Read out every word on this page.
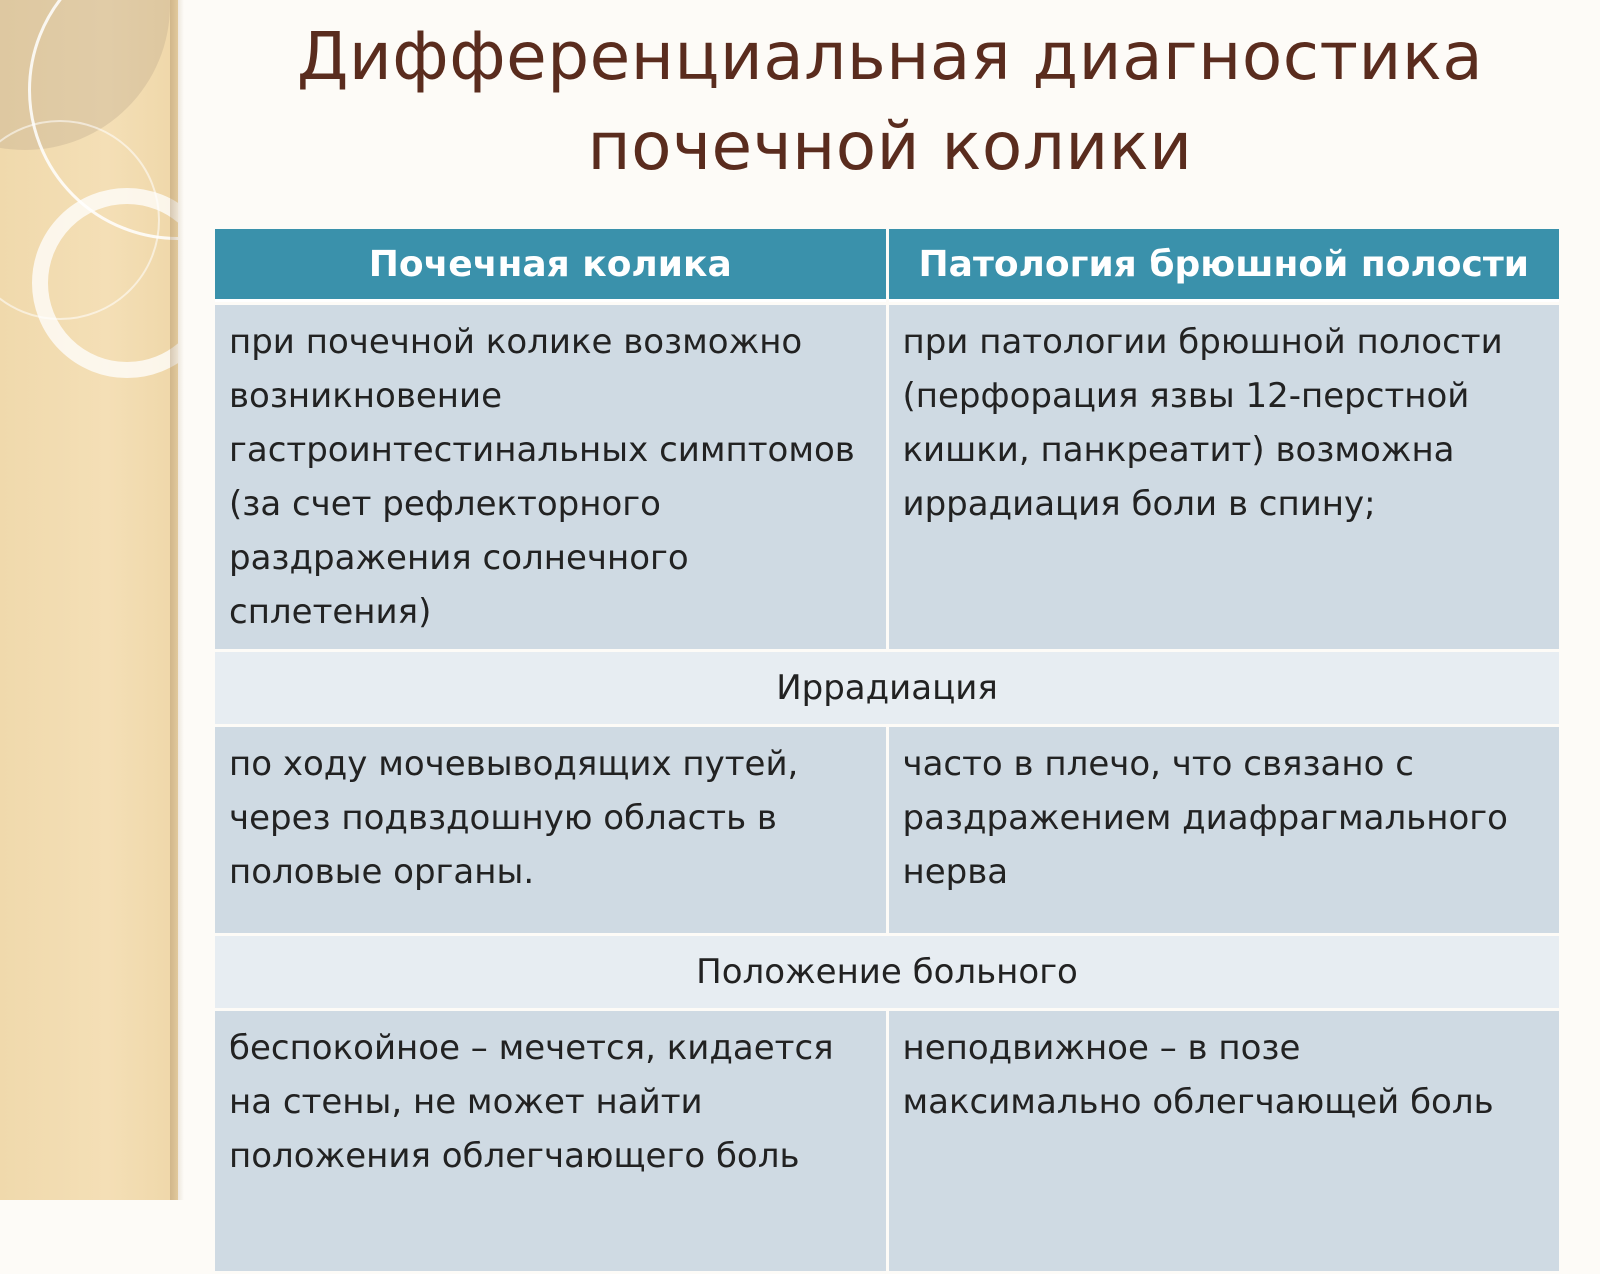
Дифференциальная диагностика
почечной колики
Почечная колика	Патология брюшной полости
при почечной колике возможно возникновение гастроинтестинальных симптомов (за счет рефлекторного раздражения солнечного сплетения)	при патологии брюшной полости (перфорация язвы 12-перстной кишки, панкреатит) возможна иррадиация боли в спину;
Иррадиация	
по ходу мочевыводящих путей, через подвздошную область в половые органы.	часто в плечо, что связано с раздражением диафрагмального нерва
Положение больного	
беспокойное – мечется, кидается на стены, не может найти положения облегчающего боль	неподвижное – в позе максимально облегчающей боль
